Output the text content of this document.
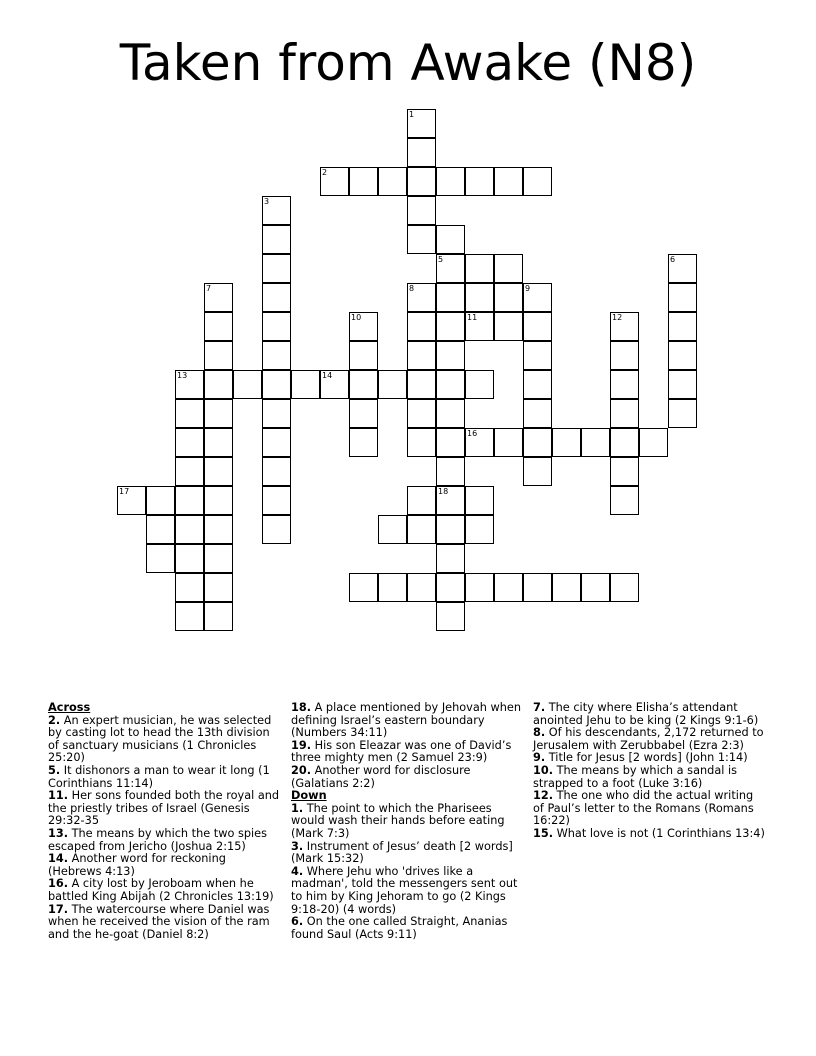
Taken from Awake (N8)
1
2
3
5
18
6
8	9
7
11	12
10
13	14
16
17
Across
2. An expert musician, he was selected by casting lot to head the 13th division of sanctuary musicians (1 Chronicles 25:20)
5. It dishonors a man to wear it long (1 Corinthians 11:14)
11. Her sons founded both the royal and the priestly tribes of Israel (Genesis 29:32-35
13. The means by which the two spies escaped from Jericho (Joshua 2:15)
14. Another word for reckoning (Hebrews 4:13)
16. A city lost by Jeroboam when he battled King Abijah (2 Chronicles 13:19)
17. The watercourse where Daniel was when he received the vision of the ram and the he-goat (Daniel 8:2)
18. A place mentioned by Jehovah when defining Israel’s eastern boundary (Numbers 34:11)
19. His son Eleazar was one of David’s three mighty men (2 Samuel 23:9)
20. Another word for disclosure (Galatians 2:2)
Down
1. The point to which the Pharisees would wash their hands before eating (Mark 7:3)
3. Instrument of Jesus’ death [2 words] (Mark 15:32)
4. Where Jehu who 'drives like a madman', told the messengers sent out to him by King Jehoram to go (2 Kings 9:18-20) (4 words)
6. On the one called Straight, Ananias found Saul (Acts 9:11)
7. The city where Elisha’s attendant anointed Jehu to be king (2 Kings 9:1-6)
8. Of his descendants, 2,172 returned to Jerusalem with Zerubbabel (Ezra 2:3)
9. Title for Jesus [2 words] (John 1:14)
10. The means by which a sandal is strapped to a foot (Luke 3:16)
12. The one who did the actual writing of Paul’s letter to the Romans (Romans 16:22)
15. What love is not (1 Corinthians 13:4)
